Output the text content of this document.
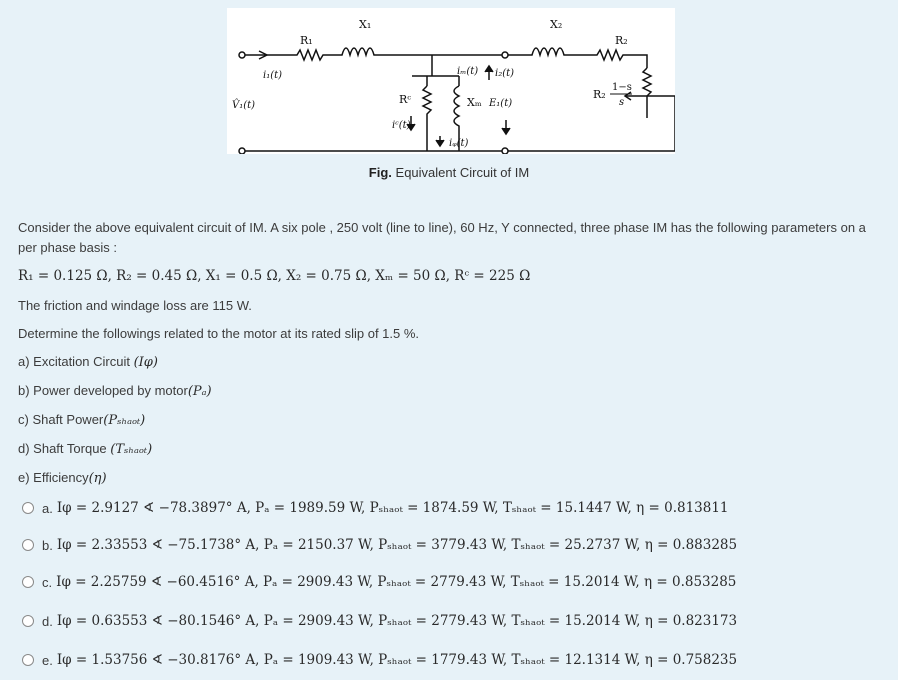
X₁	X₂
R₁	R₂
i₁(t)	iₘ(t) i₂(t)
V̂₁(t)	Rᶜ
iᶜ(t)
Xₘ E₁(t)
iᵩ(t)
R₂
1−s
s
Fig. Equivalent Circuit of IM

Consider the above equivalent circuit of IM. A six pole , 250 volt (line to line), 60 Hz, Y connected, three phase IM has the following parameters on a per phase basis :

R₁ = 0.125 Ω, R₂ = 0.45 Ω, X₁ = 0.5 Ω, X₂ = 0.75 Ω, Xₘ = 50 Ω, Rᶜ = 225 Ω

The friction and windage loss are 115 W.

Determine the followings related to the motor at its rated slip of 1.5 %.

a) Excitation Circuit (Iφ)

b) Power developed by motor(Pₐ)

c) Shaft Power(Pₛₕₐₒₜ)

d) Shaft Torque (Tₛₕₐₒₜ)

e) Efficiency(η)

a. Iφ = 2.9127 ∢ −78.3897° A, Pₐ = 1989.59 W, Pₛₕₐₒₜ = 1874.59 W, Tₛₕₐₒₜ = 15.1447 W, η = 0.813811
b. Iφ = 2.33553 ∢ −75.1738° A, Pₐ = 2150.37 W, Pₛₕₐₒₜ = 3779.43 W, Tₛₕₐₒₜ = 25.2737 W, η = 0.883285
c. Iφ = 2.25759 ∢ −60.4516° A, Pₐ = 2909.43 W, Pₛₕₐₒₜ = 2779.43 W, Tₛₕₐₒₜ = 15.2014 W, η = 0.853285
d. Iφ = 0.63553 ∢ −80.1546° A, Pₐ = 2909.43 W, Pₛₕₐₒₜ = 2779.43 W, Tₛₕₐₒₜ = 15.2014 W, η = 0.823173
e. Iφ = 1.53756 ∢ −30.8176° A, Pₐ = 1909.43 W, Pₛₕₐₒₜ = 1779.43 W, Tₛₕₐₒₜ = 12.1314 W, η = 0.758235
